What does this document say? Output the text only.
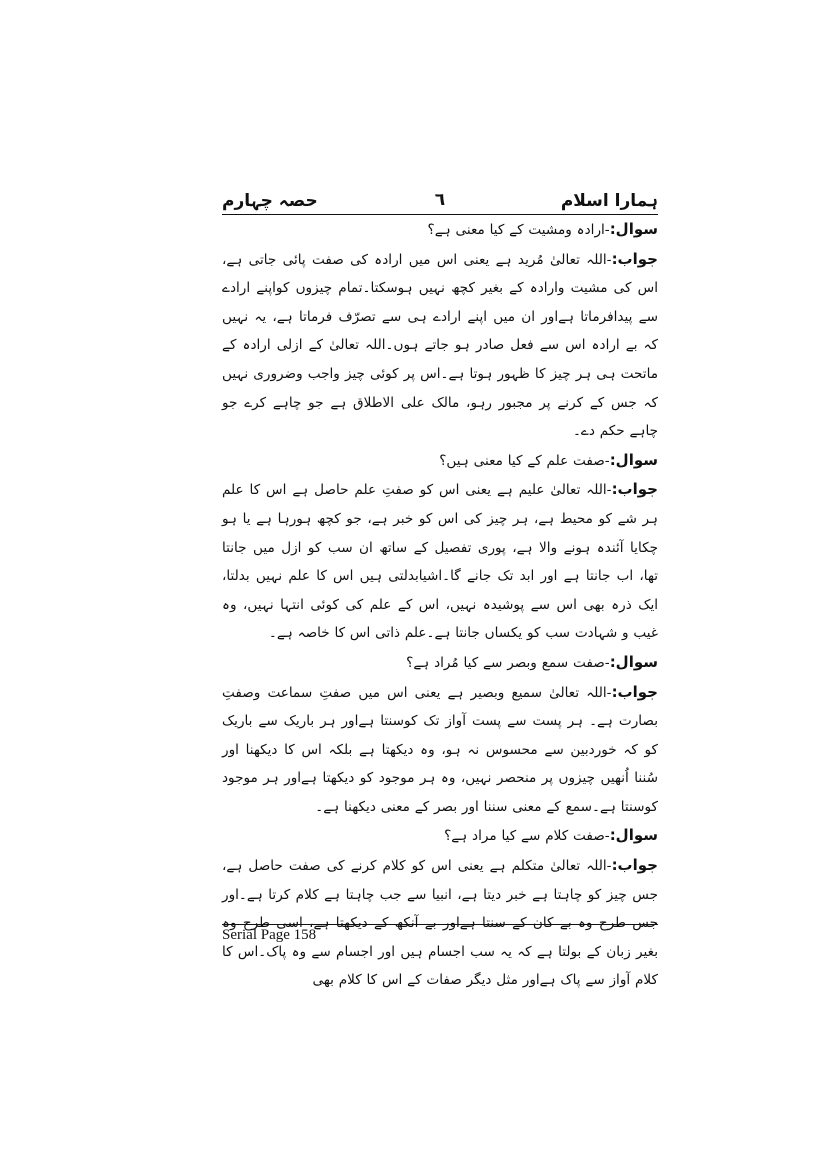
ہمارا اسلام
٦
حصہ چہارم
سوال:-ارادہ ومشیت کے کیا معنی ہے؟
جواب:-اللہ تعالیٰ مُرید ہے یعنی اس میں ارادہ کی صفت پائی جاتی ہے، اس کی مشیت وارادہ کے بغیر کچھ نہیں ہوسکتا۔تمام چیزوں کواپنے ارادے سے پیدافرماتا ہےاور ان میں اپنے ارادے ہی سے تصرّف فرماتا ہے، یہ نہیں کہ بے ارادہ اس سے فعل صادر ہو جاتے ہوں۔اللہ تعالیٰ کے ازلی ارادہ کے ماتحت ہی ہر چیز کا ظہور ہوتا ہے۔اس پر کوئی چیز واجب وضروری نہیں کہ جس کے کرنے پر مجبور رہو، مالک علی الاطلاق ہے جو چاہے کرے جو چاہے حکم دے۔
سوال:-صفت علم کے کیا معنی ہیں؟
جواب:-اللہ تعالیٰ علیم ہے یعنی اس کو صفتِ علم حاصل ہے اس کا علم ہر شے کو محیط ہے، ہر چیز کی اس کو خبر ہے، جو کچھ ہورہا ہے یا ہو چکایا آئندہ ہونے والا ہے، پوری تفصیل کے ساتھ ان سب کو ازل میں جانتا تھا، اب جانتا ہے اور ابد تک جانے گا۔اشیابدلتی ہیں اس کا علم نہیں بدلتا، ایک ذرہ بھی اس سے پوشیدہ نہیں، اس کے علم کی کوئی انتہا نہیں، وہ غیب و شہادت سب کو یکساں جانتا ہے۔علم ذاتی اس کا خاصہ ہے۔
سوال:-صفت سمع وبصر سے کیا مُراد ہے؟
جواب:-اللہ تعالیٰ سمیع وبصیر ہے یعنی اس میں صفتِ سماعت وصفتِ بصارت ہے۔ ہر پست سے پست آواز تک کوسنتا ہےاور ہر باریک سے باریک کو کہ خوردبین سے محسوس نہ ہو، وہ دیکھتا ہے بلکہ اس کا دیکھنا اور سُننا اُنھیں چیزوں پر منحصر نہیں، وہ ہر موجود کو دیکھتا ہےاور ہر موجود کوسنتا ہے۔سمع کے معنی سننا اور بصر کے معنی دیکھنا ہے۔
سوال:-صفت کلام سے کیا مراد ہے؟
جواب:-اللہ تعالیٰ متکلم ہے یعنی اس کو کلام کرنے کی صفت حاصل ہے، جس چیز کو چاہتا ہے خبر دیتا ہے، انبیا سے جب چاہتا ہے کلام کرتا ہے۔اور جس طرح وہ بے کان کے سنتا ہےاور بے آنکھ کے دیکھتا ہے، اسی طرح وہ بغیر زبان کے بولتا ہے کہ یہ سب اجسام ہیں اور اجسام سے وہ پاک۔اس کا کلام آواز سے پاک ہےاور مثل دیگر صفات کے اس کا کلام بھی
Serial Page 158
